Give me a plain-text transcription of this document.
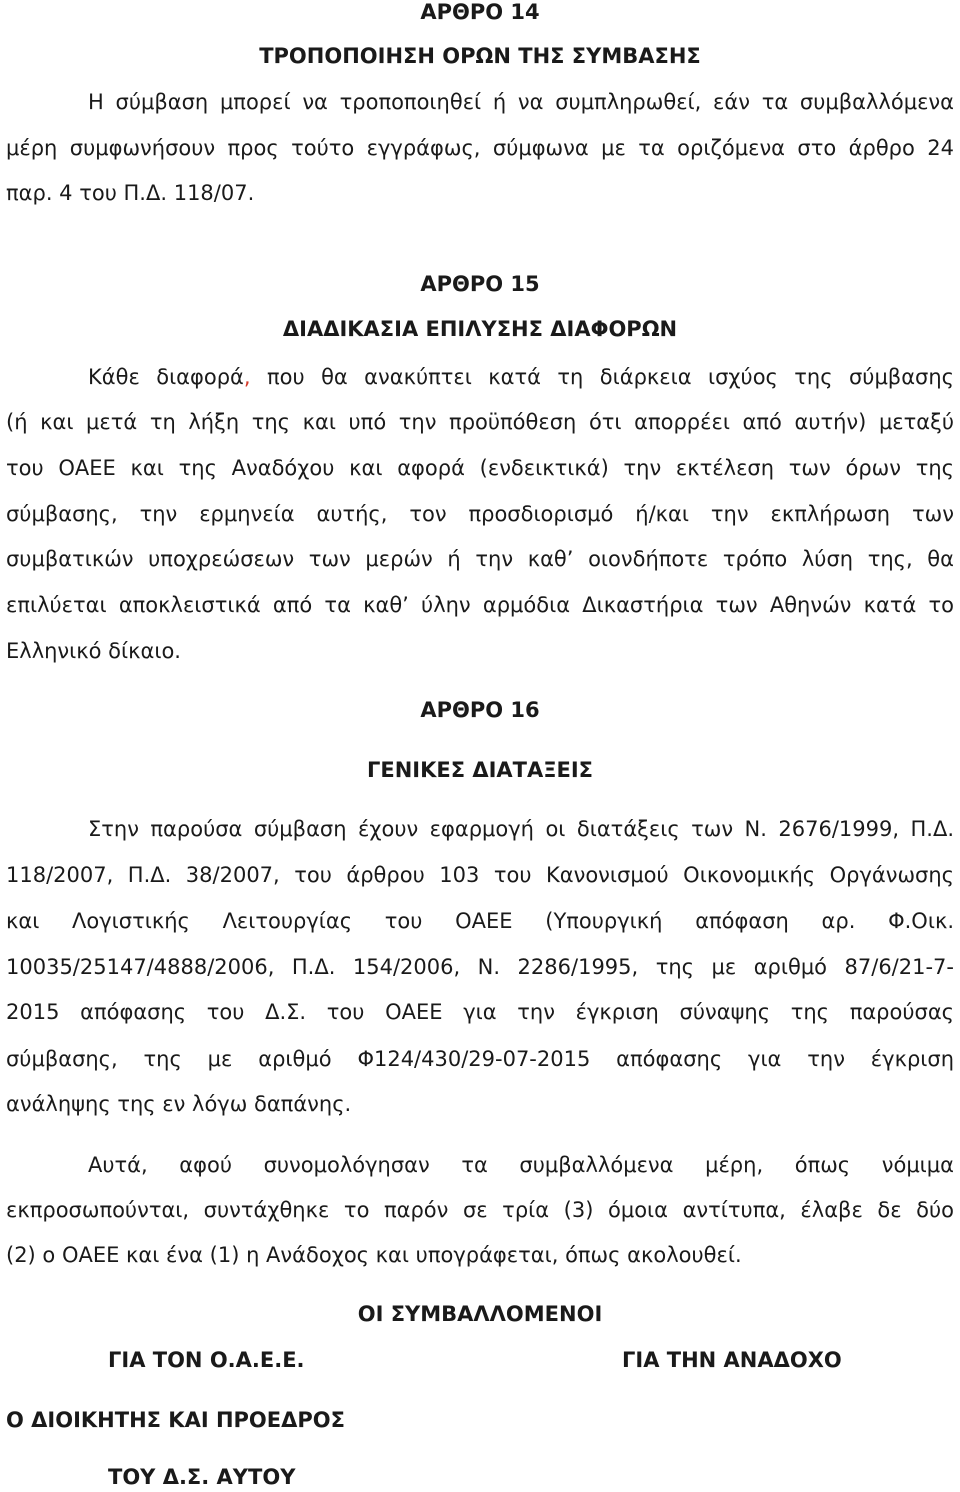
ΑΡΘΡΟ 14
ΤΡΟΠΟΠΟΙΗΣΗ ΟΡΩΝ ΤΗΣ ΣΥΜΒΑΣΗΣ
Η σύμβαση μπορεί να τροποποιηθεί ή να συμπληρωθεί, εάν τα συμβαλλόμενα
μέρη συμφωνήσουν προς τούτο εγγράφως, σύμφωνα με τα οριζόμενα στο άρθρο 24
παρ. 4 του Π.Δ. 118/07.
ΑΡΘΡΟ 15
ΔΙΑΔΙΚΑΣΙΑ ΕΠΙΛΥΣΗΣ ΔΙΑΦΟΡΩΝ
Κάθε διαφορά, που θα ανακύπτει κατά τη διάρκεια ισχύος της σύμβασης
(ή και μετά τη λήξη της και υπό την προϋπόθεση ότι απορρέει από αυτήν) μεταξύ
του ΟΑΕΕ και της Αναδόχου και αφορά (ενδεικτικά) την εκτέλεση των όρων της
σύμβασης, την ερμηνεία αυτής, τον προσδιορισμό ή/και την εκπλήρωση των
συμβατικών υποχρεώσεων των μερών ή την καθ’ οιονδήποτε τρόπο λύση της, θα
επιλύεται αποκλειστικά από τα καθ’ ύλην αρμόδια Δικαστήρια των Αθηνών κατά το
Ελληνικό δίκαιο.
ΑΡΘΡΟ 16
ΓΕΝΙΚΕΣ ΔΙΑΤΑΞΕΙΣ
Στην παρούσα σύμβαση έχουν εφαρμογή οι διατάξεις των Ν. 2676/1999, Π.Δ.
118/2007, Π.Δ. 38/2007, του άρθρου 103 του Κανονισμού Οικονομικής Οργάνωσης
και Λογιστικής Λειτουργίας του ΟΑΕΕ (Υπουργική απόφαση αρ. Φ.Οικ.
10035/25147/4888/2006, Π.Δ. 154/2006, Ν. 2286/1995, της με αριθμό 87/6/21-7-
2015 απόφασης του Δ.Σ. του ΟΑΕΕ για την έγκριση σύναψης της παρούσας
σύμβασης, της με αριθμό Φ124/430/29-07-2015 απόφασης για την έγκριση
ανάληψης της εν λόγω δαπάνης.
Αυτά, αφού συνομολόγησαν τα συμβαλλόμενα μέρη, όπως νόμιμα
εκπροσωπούνται, συντάχθηκε το παρόν σε τρία (3) όμοια αντίτυπα, έλαβε δε δύο
(2) ο ΟΑΕΕ και ένα (1) η Ανάδοχος και υπογράφεται, όπως ακολουθεί.
ΟΙ ΣΥΜΒΑΛΛΟΜΕΝΟΙ
ΓΙΑ ΤΟΝ Ο.Α.Ε.Ε.	ΓΙΑ ΤΗΝ ΑΝΑΔΟΧΟ
Ο ΔΙΟΙΚΗΤΗΣ ΚΑΙ ΠΡΟΕΔΡΟΣ
ΤΟΥ Δ.Σ. ΑΥΤΟΥ
